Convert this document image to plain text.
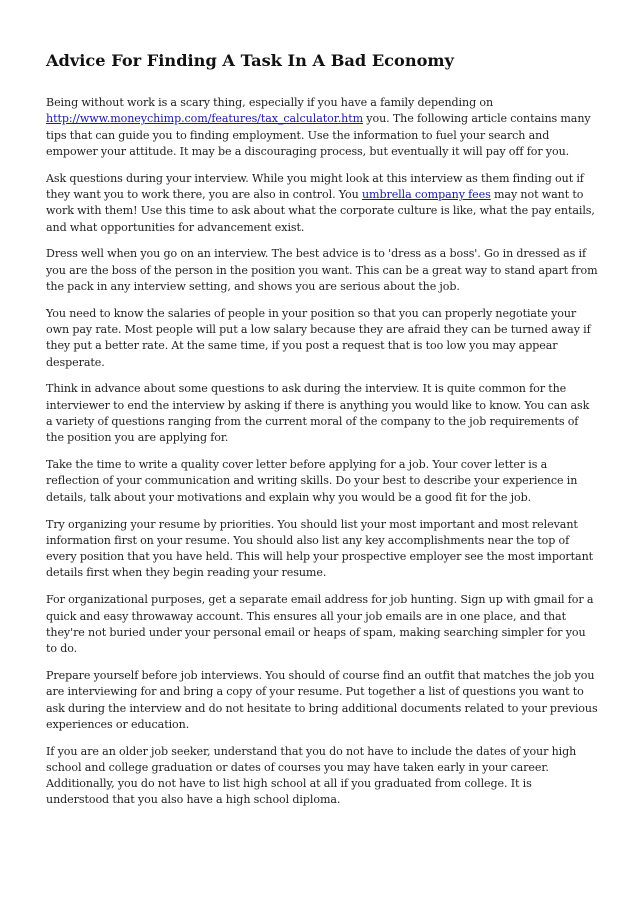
Advice For Finding A Task In A Bad Economy

Being without work is a scary thing, especially if you have a family depending on http://www.moneychimp.com/features/tax_calculator.htm you. The following article contains many tips that can guide you to finding employment. Use the information to fuel your search and empower your attitude. It may be a discouraging process, but eventually it will pay off for you.

Ask questions during your interview. While you might look at this interview as them finding out if they want you to work there, you are also in control. You umbrella company fees may not want to work with them! Use this time to ask about what the corporate culture is like, what the pay entails, and what opportunities for advancement exist.

Dress well when you go on an interview. The best advice is to 'dress as a boss'. Go in dressed as if you are the boss of the person in the position you want. This can be a great way to stand apart from the pack in any interview setting, and shows you are serious about the job.

You need to know the salaries of people in your position so that you can properly negotiate your own pay rate. Most people will put a low salary because they are afraid they can be turned away if they put a better rate. At the same time, if you post a request that is too low you may appear desperate.

Think in advance about some questions to ask during the interview. It is quite common for the interviewer to end the interview by asking if there is anything you would like to know. You can ask a variety of questions ranging from the current moral of the company to the job requirements of the position you are applying for.

Take the time to write a quality cover letter before applying for a job. Your cover letter is a reflection of your communication and writing skills. Do your best to describe your experience in details, talk about your motivations and explain why you would be a good fit for the job.

Try organizing your resume by priorities. You should list your most important and most relevant information first on your resume. You should also list any key accomplishments near the top of every position that you have held. This will help your prospective employer see the most important details first when they begin reading your resume.

For organizational purposes, get a separate email address for job hunting. Sign up with gmail for a quick and easy throwaway account. This ensures all your job emails are in one place, and that they're not buried under your personal email or heaps of spam, making searching simpler for you to do.

Prepare yourself before job interviews. You should of course find an outfit that matches the job you are interviewing for and bring a copy of your resume. Put together a list of questions you want to ask during the interview and do not hesitate to bring additional documents related to your previous experiences or education.

If you are an older job seeker, understand that you do not have to include the dates of your high school and college graduation or dates of courses you may have taken early in your career. Additionally, you do not have to list high school at all if you graduated from college. It is understood that you also have a high school diploma.
